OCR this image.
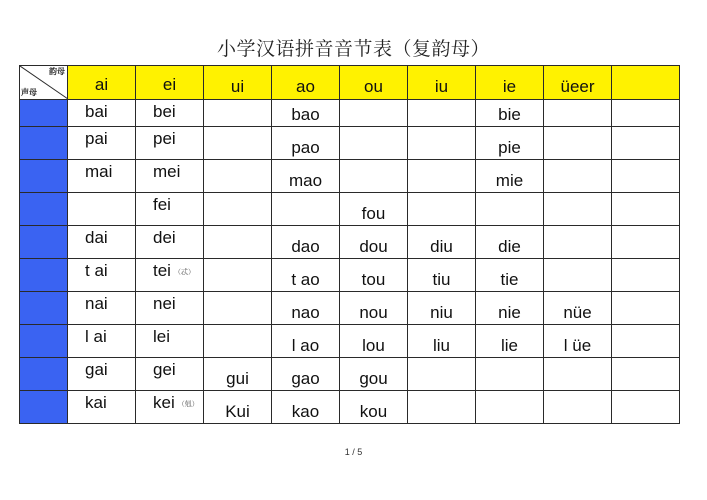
小学汉语拼音音节表（复韵母）
韵母
声母	ai	ei	ui	ao	ou	iu	ie	üeer	

	bai	bei		bao			bie		

	pai	pei		pao			pie		

	mai	mei		mao			mie		

		fei			fou				

	dai	dei		dao	dou	diu	die		

	t ai	tei （忒）		t ao	tou	tiu	tie		

	nai	nei		nao	nou	niu	nie	nüe	

	l ai	lei		l ao	lou	liu	lie	l üe	

	gai	gei	gui	gao	gou				

	kai	kei （剋）	Kui	kao	kou				

1 / 5
